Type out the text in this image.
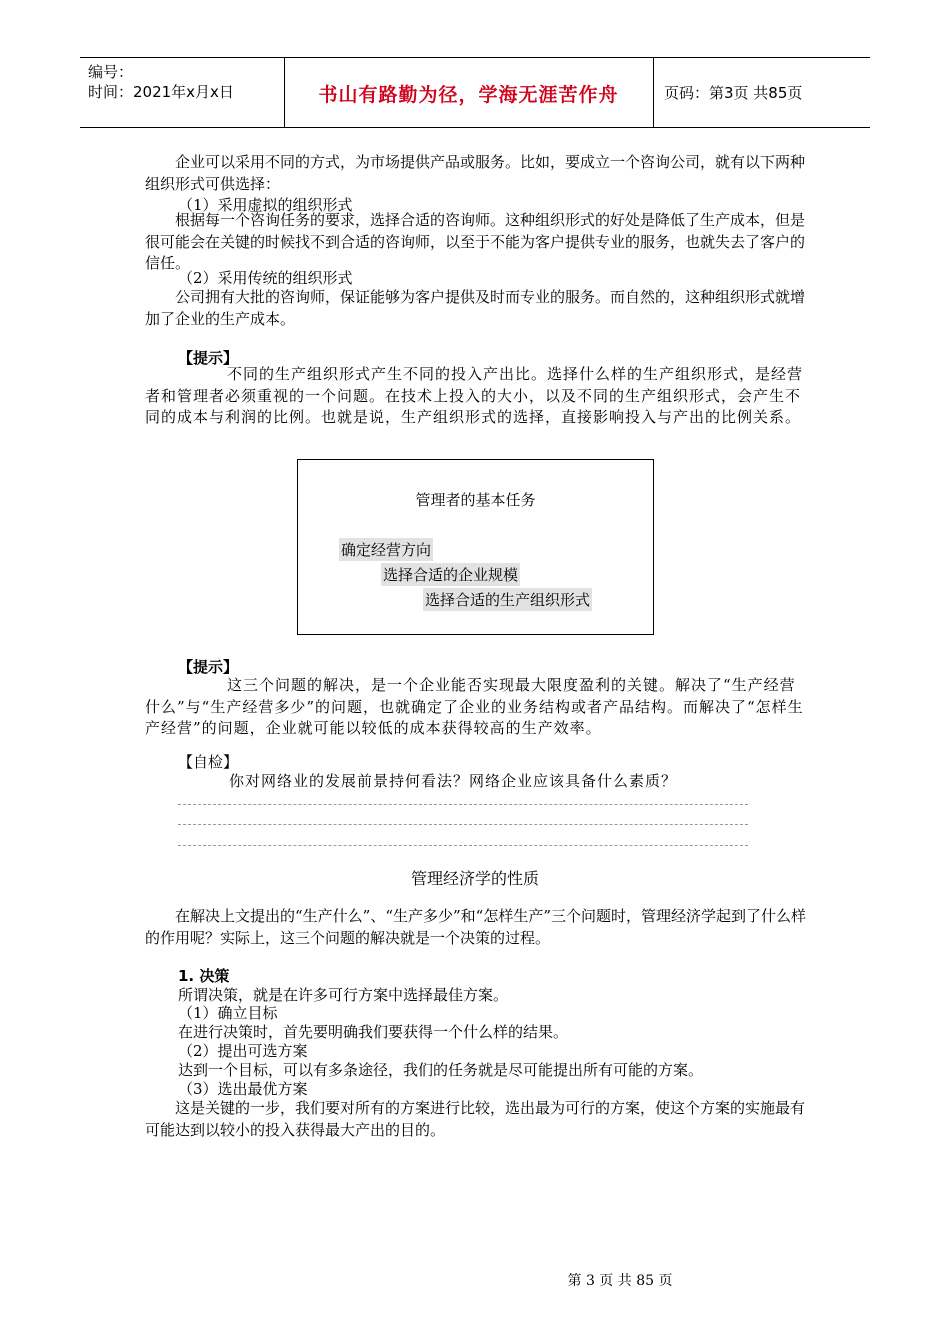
编号：
时间：2021年x月x日	书山有路勤为径，学海无涯苦作舟	页码：第3页 共85页

企业可以采用不同的方式，为市场提供产品或服务。比如，要成立一个咨询公司，就有以下两种组织形式可供选择：

（1）采用虚拟的组织形式

根据每一个咨询任务的要求，选择合适的咨询师。这种组织形式的好处是降低了生产成本，但是很可能会在关键的时候找不到合适的咨询师，以至于不能为客户提供专业的服务，也就失去了客户的信任。

（2）采用传统的组织形式

公司拥有大批的咨询师，保证能够为客户提供及时而专业的服务。而自然的，这种组织形式就增加了企业的生产成本。

【提示】

不同的生产组织形式产生不同的投入产出比。选择什么样的生产组织形式，是经营者和管理者必须重视的一个问题。在技术上投入的大小，以及不同的生产组织形式，会产生不同的成本与利润的比例。也就是说，生产组织形式的选择，直接影响投入与产出的比例关系。

管理者的基本任务
确定经营方向
选择合适的企业规模
选择合适的生产组织形式
【提示】

这三个问题的解决，是一个企业能否实现最大限度盈利的关键。解决了“生产经营什么”与“生产经营多少”的问题，也就确定了企业的业务结构或者产品结构。而解决了“怎样生产经营”的问题，企业就可能以较低的成本获得较高的生产效率。

【自检】

你对网络业的发展前景持何看法？网络企业应该具备什么素质？

管理经济学的性质

在解决上文提出的“生产什么”、“生产多少”和“怎样生产”三个问题时，管理经济学起到了什么样的作用呢？实际上，这三个问题的解决就是一个决策的过程。

1. 决策

所谓决策，就是在许多可行方案中选择最佳方案。

（1）确立目标

在进行决策时，首先要明确我们要获得一个什么样的结果。

（2）提出可选方案

达到一个目标，可以有多条途径，我们的任务就是尽可能提出所有可能的方案。

（3）选出最优方案

这是关键的一步，我们要对所有的方案进行比较，选出最为可行的方案，使这个方案的实施最有可能达到以较小的投入获得最大产出的目的。

第 3 页 共 85 页
